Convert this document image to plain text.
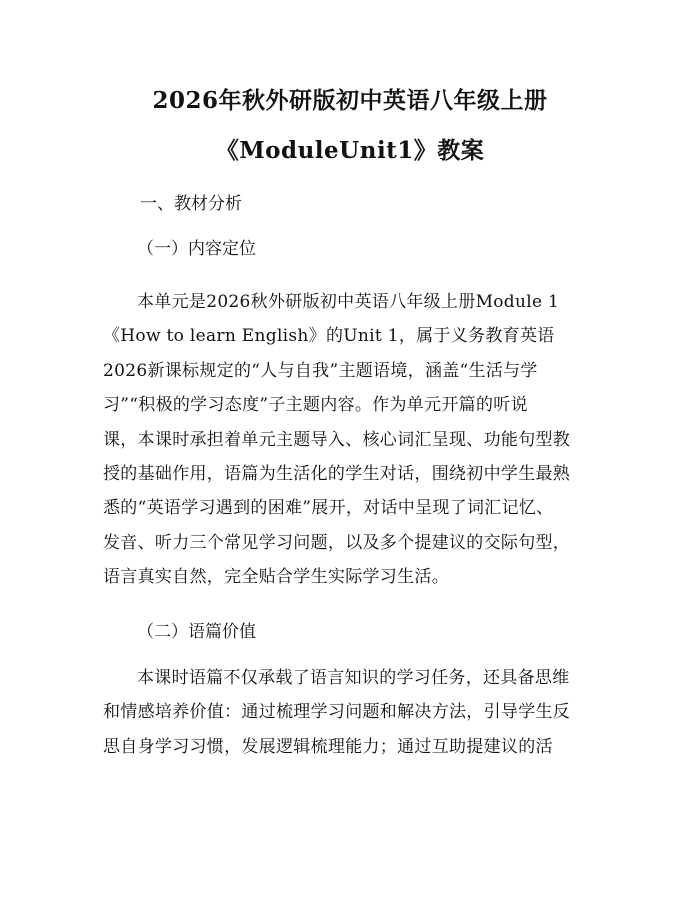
2026年秋外研版初中英语八年级上册
《ModuleUnit1》教案
一、教材分析
（一）内容定位
本单元是2026秋外研版初中英语八年级上册Module 1
《How to learn English》的Unit 1，属于义务教育英语
2026新课标规定的“人与自我”主题语境，涵盖“生活与学
习”“积极的学习态度”子主题内容。作为单元开篇的听说
课，本课时承担着单元主题导入、核心词汇呈现、功能句型教
授的基础作用，语篇为生活化的学生对话，围绕初中学生最熟
悉的“英语学习遇到的困难”展开，对话中呈现了词汇记忆、
发音、听力三个常见学习问题，以及多个提建议的交际句型，
语言真实自然，完全贴合学生实际学习生活。
（二）语篇价值
本课时语篇不仅承载了语言知识的学习任务，还具备思维
和情感培养价值：通过梳理学习问题和解决方法，引导学生反
思自身学习习惯，发展逻辑梳理能力；通过互助提建议的活
